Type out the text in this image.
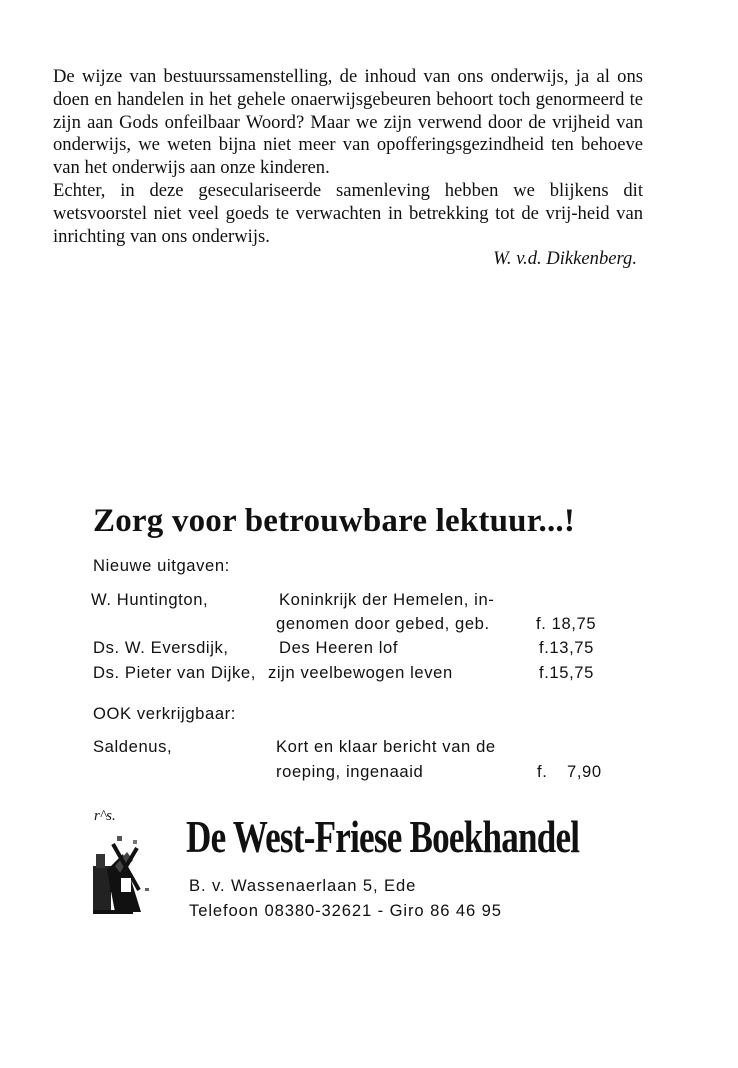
De wijze van bestuurssamenstelling, de inhoud van ons onderwijs, ja al ons doen en handelen in het gehele onaerwijsgebeuren behoort toch genormeerd te zijn aan Gods onfeilbaar Woord? Maar we zijn verwend door de vrijheid van onderwijs, we weten bijna niet meer van opofferingsgezindheid ten behoeve van het onderwijs aan onze kinderen.

Echter, in deze geseculariseerde samenleving hebben we blijkens dit wetsvoorstel niet veel goeds te verwachten in betrekking tot de vrij-heid van inrichting van ons onderwijs.

W. v.d. Dikkenberg.

Zorg voor betrouwbare lektuur...!
Nieuwe uitgaven:
W. Huntington,	Koninkrijk der Hemelen, in-
genomen door gebed, geb.	f. 18,75
Ds. W. Eversdijk,	Des Heeren lof	f.13,75
Ds. Pieter van Dijke, zijn veelbewogen leven	f.15,75
OOK verkrijgbaar:
Saldenus,	Kort en klaar bericht van de
roeping, ingenaaid	f. 7,90
r^s. De West-Friese Boekhandel
B. v. Wassenaerlaan 5, Ede
Telefoon 08380-32621 - Giro 86 46 95
